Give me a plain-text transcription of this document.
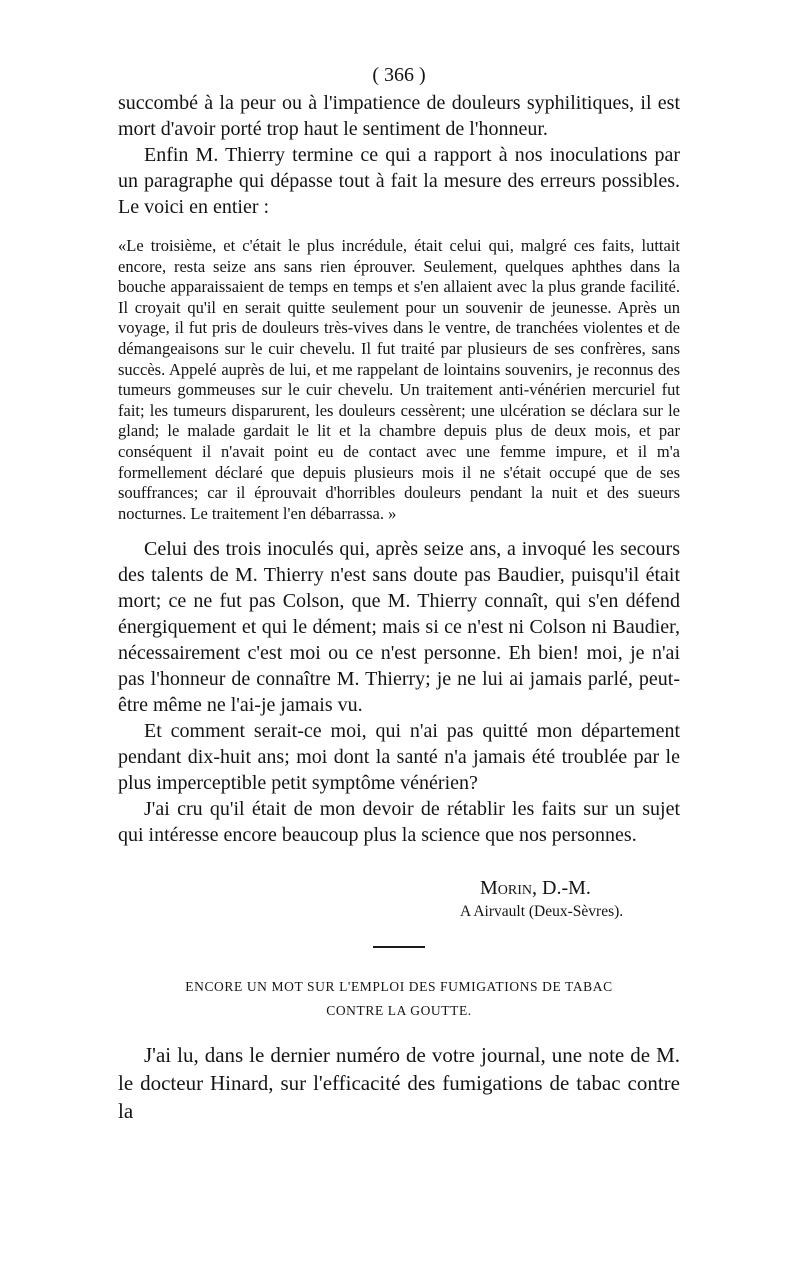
( 366 )

succombé à la peur ou à l'impatience de douleurs syphilitiques, il est mort d'avoir porté trop haut le sentiment de l'honneur.

Enfin M. Thierry termine ce qui a rapport à nos inoculations par un paragraphe qui dépasse tout à fait la mesure des erreurs possibles. Le voici en entier :

«Le troisième, et c'était le plus incrédule, était celui qui, malgré ces faits, luttait encore, resta seize ans sans rien éprouver. Seulement, quelques aphthes dans la bouche apparaissaient de temps en temps et s'en allaient avec la plus grande facilité. Il croyait qu'il en serait quitte seulement pour un souvenir de jeunesse. Après un voyage, il fut pris de douleurs très-vives dans le ventre, de tranchées violentes et de démangeaisons sur le cuir chevelu. Il fut traité par plusieurs de ses confrères, sans succès. Appelé auprès de lui, et me rappelant de lointains souvenirs, je reconnus des tumeurs gommeuses sur le cuir chevelu. Un traitement anti-vénérien mercuriel fut fait; les tumeurs disparurent, les douleurs cessèrent; une ulcération se déclara sur le gland; le malade gardait le lit et la chambre depuis plus de deux mois, et par conséquent il n'avait point eu de contact avec une femme impure, et il m'a formellement déclaré que depuis plusieurs mois il ne s'était occupé que de ses souffrances; car il éprouvait d'horribles douleurs pendant la nuit et des sueurs nocturnes. Le traitement l'en débarrassa. »

Celui des trois inoculés qui, après seize ans, a invoqué les secours des talents de M. Thierry n'est sans doute pas Baudier, puisqu'il était mort; ce ne fut pas Colson, que M. Thierry connaît, qui s'en défend énergiquement et qui le dément; mais si ce n'est ni Colson ni Baudier, nécessairement c'est moi ou ce n'est personne. Eh bien! moi, je n'ai pas l'honneur de connaître M. Thierry; je ne lui ai jamais parlé, peut-être même ne l'ai-je jamais vu.

Et comment serait-ce moi, qui n'ai pas quitté mon département pendant dix-huit ans; moi dont la santé n'a jamais été troublée par le plus imperceptible petit symptôme vénérien?

J'ai cru qu'il était de mon devoir de rétablir les faits sur un sujet qui intéresse encore beaucoup plus la science que nos personnes.

Morin, D.-M.
A Airvault (Deux-Sèvres).
ENCORE UN MOT SUR L'EMPLOI DES FUMIGATIONS DE TABAC
CONTRE LA GOUTTE.

J'ai lu, dans le dernier numéro de votre journal, une note de M. le docteur Hinard, sur l'efficacité des fumigations de tabac contre la
